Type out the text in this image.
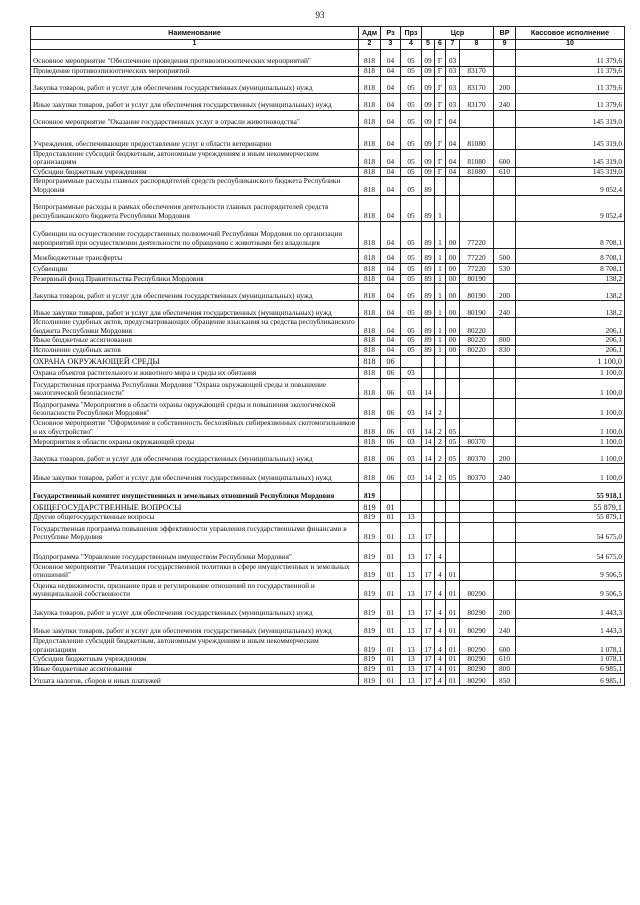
93
Наименование	Адм	Рз	Прз	Цср				ВР	Кассовое исполнение
1	2	3	4	5	6	7	8	9	10
Основное мероприятие "Обеспечение проведения противоэпизоотических мероприятий"	818	04	05	09	Г	03			11 379,6
Проведение противоэпизоотических мероприятий	818	04	05	09	Г	03	83170		11 379,6
Закупка товаров, работ и услуг для обеспечения государственных (муниципальных) нужд	818	04	05	09	Г	03	83170	200	11 379,6
Иные закупки товаров, работ и услуг для обеспечения государственных (муниципальных) нужд	818	04	05	09	Г	03	83170	240	11 379,6
Основное мероприятие "Оказание государственных услуг в отрасли животноводства"	818	04	05	09	Г	04			145 319,0
Учреждения, обеспечивающие предоставление услуг в области ветеринарии	818	04	05	09	Г	04	81080		145 319,0
Предоставление субсидий бюджетным, автономным учреждениям и иным некоммерческим организациям	818	04	05	09	Г	04	81080	600	145 319,0
Субсидии бюджетным учреждениям	818	04	05	09	Г	04	81080	610	145 319,0
Непрограммные расходы главных распорядителей средств республиканского бюджета Республики Мордовия	818	04	05	89					9 052,4
Непрограммные расходы в рамках обеспечения деятельности главных распорядителей средств республиканского бюджета Республики Мордовия	818	04	05	89	1				9 052,4
Субвенции на осуществление государственных полномочий Республики Мордовия по организации мероприятий при осуществлении деятельности по обращению с животными без владельцев	818	04	05	89	1	00	77220		8 708,1
Межбюджетные трансферты	818	04	05	89	1	00	77220	500	8 708,1
Субвенции	818	04	05	89	1	00	77220	530	8 708,1
Резервный фонд Правительства Республики Мордовия	818	04	05	89	1	00	80190		138,2
Закупка товаров, работ и услуг для обеспечения государственных (муниципальных) нужд	818	04	05	89	1	00	80190	200	138,2
Иные закупки товаров, работ и услуг для обеспечения государственных (муниципальных) нужд	818	04	05	89	1	00	80190	240	138,2
Исполнение судебных актов, предусматривающих обращение взыскания на средства республиканского бюджета Республики Мордовия	818	04	05	89	1	00	80220		206,1
Иные бюджетные ассигнования	818	04	05	89	1	00	80220	800	206,1
Исполнение судебных актов	818	04	05	89	1	00	80220	830	206,1
ОХРАНА ОКРУЖАЮЩЕЙ СРЕДЫ	818	06							1 100,0
Охрана объектов растительного и животного мира и среды их обитания	818	06	03						1 100,0
Государственная программа Республики Мордовия "Охрана окружающей среды и повышение экологической безопасности"	818	06	03	14					1 100,0
Подпрограмма "Мероприятия в области охраны окружающей среды и повышения экологической безопасности Республики Мордовия"	818	06	03	14	2				1 100,0
Основное мероприятие "Оформление в собственность бесхозяйных сибиреязвенных скотомогильников и их обустройство"	818	06	03	14	2	05			1 100,0
Мероприятия в области охраны окружающей среды	818	06	03	14	2	05	80370		1 100,0
Закупка товаров, работ и услуг для обеспечения государственных (муниципальных) нужд	818	06	03	14	2	05	80370	200	1 100,0
Иные закупки товаров, работ и услуг для обеспечения государственных (муниципальных) нужд	818	06	03	14	2	05	80370	240	1 100,0
Государственный комитет имущественных и земельных отношений Республики Мордовия	819								55 918,1
ОБЩЕГОСУДАРСТВЕННЫЕ ВОПРОСЫ	819	01							55 879,1
Другие общегосударственные вопросы	819	01	13						55 879,1
Государственная программа повышения эффективности управления государственными финансами в Республике Мордовия	819	01	13	17					54 675,0
Подпрограмма "Управление государственным имуществом Республики Мордовия"	819	01	13	17	4				54 675,0
Основное мероприятие "Реализация государственной политики в сфере имущественных и земельных отношений"	819	01	13	17	4	01			9 506,5
Оценка недвижимости, признание прав и регулирование отношений по государственной и муниципальной собственности	819	01	13	17	4	01	80290		9 506,5
Закупка товаров, работ и услуг для обеспечения государственных (муниципальных) нужд	819	01	13	17	4	01	80290	200	1 443,3
Иные закупки товаров, работ и услуг для обеспечения государственных (муниципальных) нужд	819	01	13	17	4	01	80290	240	1 443,3
Предоставление субсидий бюджетным, автономным учреждениям и иным некоммерческим организациям	819	01	13	17	4	01	80290	600	1 078,1
Субсидии бюджетным учреждениям	819	01	13	17	4	01	80290	610	1 078,1
Иные бюджетные ассигнования	819	01	13	17	4	01	80290	800	6 985,1
Уплата налогов, сборов и иных платежей	819	01	13	17	4	01	80290	850	6 985,1
